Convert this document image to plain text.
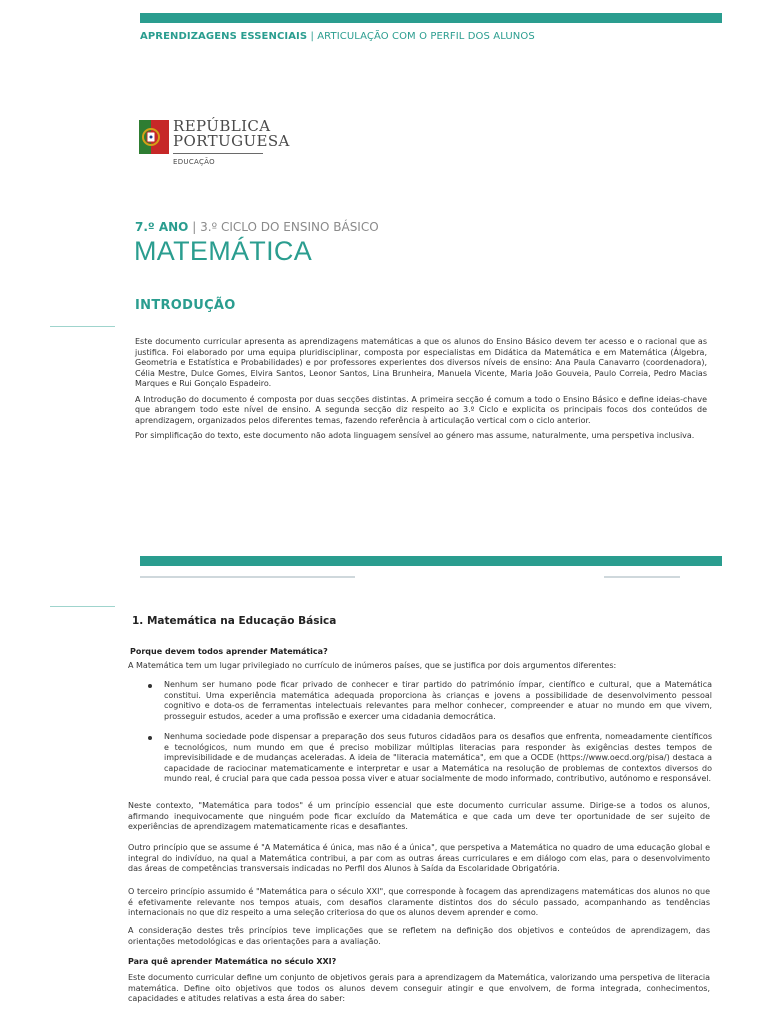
APRENDIZAGENS ESSENCIAIS | ARTICULAÇÃO COM O PERFIL DOS ALUNOS
REPÚBLICA
PORTUGUESA
EDUCAÇÃO
7.º ANO | 3.º CICLO DO ENSINO BÁSICO
MATEMÁTICA
INTRODUÇÃO

Este documento curricular apresenta as aprendizagens matemáticas a que os alunos do Ensino Básico devem ter acesso e o racional que as justifica. Foi elaborado por uma equipa pluridisciplinar, composta por especialistas em Didática da Matemática e em Matemática (Álgebra, Geometria e Estatística e Probabilidades) e por professores experientes dos diversos níveis de ensino: Ana Paula Canavarro (coordenadora), Célia Mestre, Dulce Gomes, Elvira Santos, Leonor Santos, Lina Brunheira, Manuela Vicente, Maria João Gouveia, Paulo Correia, Pedro Macias Marques e Rui Gonçalo Espadeiro.

A Introdução do documento é composta por duas secções distintas. A primeira secção é comum a todo o Ensino Básico e define ideias-chave que abrangem todo este nível de ensino. A segunda secção diz respeito ao 3.º Ciclo e explicita os principais focos dos conteúdos de aprendizagem, organizados pelos diferentes temas, fazendo referência à articulação vertical com o ciclo anterior.

Por simplificação do texto, este documento não adota linguagem sensível ao género mas assume, naturalmente, uma perspetiva inclusiva.

1. Matemática na Educação Básica
Porque devem todos aprender Matemática?

A Matemática tem um lugar privilegiado no currículo de inúmeros países, que se justifica por dois argumentos diferentes:

Nenhum ser humano pode ficar privado de conhecer e tirar partido do património ímpar, científico e cultural, que a Matemática constitui. Uma experiência matemática adequada proporciona às crianças e jovens a possibilidade de desenvolvimento pessoal cognitivo e dota-os de ferramentas intelectuais relevantes para melhor conhecer, compreender e atuar no mundo em que vivem, prosseguir estudos, aceder a uma profissão e exercer uma cidadania democrática.
Nenhuma sociedade pode dispensar a preparação dos seus futuros cidadãos para os desafios que enfrenta, nomeadamente científicos e tecnológicos, num mundo em que é preciso mobilizar múltiplas literacias para responder às exigências destes tempos de imprevisibilidade e de mudanças aceleradas. A ideia de "literacia matemática", em que a OCDE (https://www.oecd.org/pisa/) destaca a capacidade de raciocinar matematicamente e interpretar e usar a Matemática na resolução de problemas de contextos diversos do mundo real, é crucial para que cada pessoa possa viver e atuar socialmente de modo informado, contributivo, autónomo e responsável.

Neste contexto, "Matemática para todos" é um princípio essencial que este documento curricular assume. Dirige-se a todos os alunos, afirmando inequivocamente que ninguém pode ficar excluído da Matemática e que cada um deve ter oportunidade de ser sujeito de experiências de aprendizagem matematicamente ricas e desafiantes.

Outro princípio que se assume é "A Matemática é única, mas não é a única", que perspetiva a Matemática no quadro de uma educação global e integral do indivíduo, na qual a Matemática contribui, a par com as outras áreas curriculares e em diálogo com elas, para o desenvolvimento das áreas de competências transversais indicadas no Perfil dos Alunos à Saída da Escolaridade Obrigatória.

O terceiro princípio assumido é "Matemática para o século XXI", que corresponde à focagem das aprendizagens matemáticas dos alunos no que é efetivamente relevante nos tempos atuais, com desafios claramente distintos dos do século passado, acompanhando as tendências internacionais no que diz respeito a uma seleção criteriosa do que os alunos devem aprender e como.

A consideração destes três princípios teve implicações que se refletem na definição dos objetivos e conteúdos de aprendizagem, das orientações metodológicas e das orientações para a avaliação.

Para quê aprender Matemática no século XXI?

Este documento curricular define um conjunto de objetivos gerais para a aprendizagem da Matemática, valorizando uma perspetiva de literacia matemática. Define oito objetivos que todos os alunos devem conseguir atingir e que envolvem, de forma integrada, conhecimentos, capacidades e atitudes relativas a esta área do saber:
